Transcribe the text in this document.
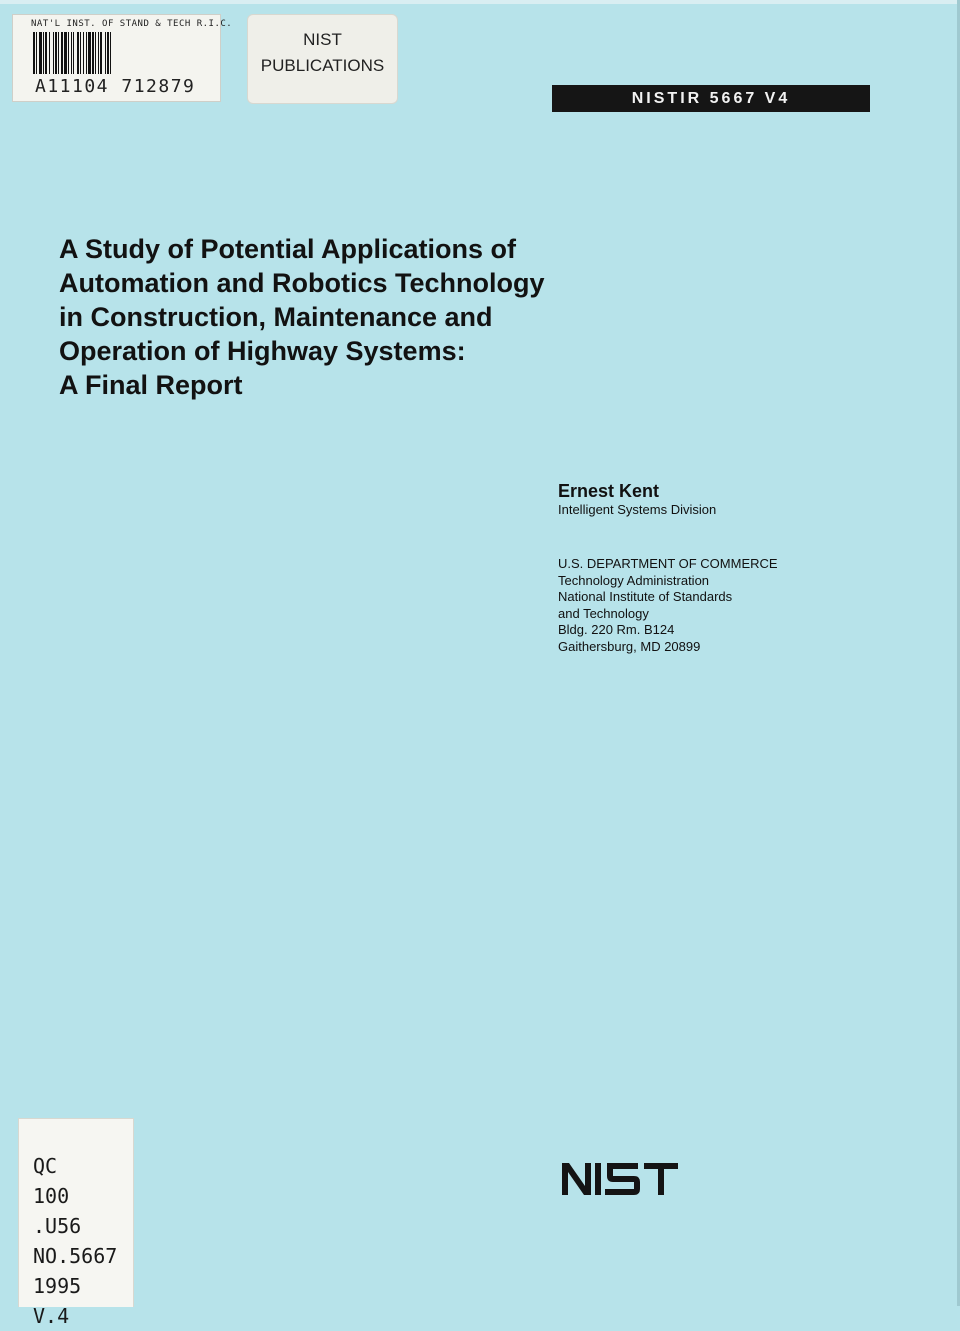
NAT'L INST. OF STAND & TECH R.I.C.
A11104 712879
NIST
PUBLICATIONS
NISTIR 5667 V4
A Study of Potential Applications of
Automation and Robotics Technology
in Construction, Maintenance and
Operation of Highway Systems:
A Final Report
Ernest Kent
Intelligent Systems Division
U.S. DEPARTMENT OF COMMERCE
Technology Administration
National Institute of Standards
and Technology
Bldg. 220 Rm. B124
Gaithersburg, MD 20899
QC
100
.U56
NO.5667
1995
V.4
